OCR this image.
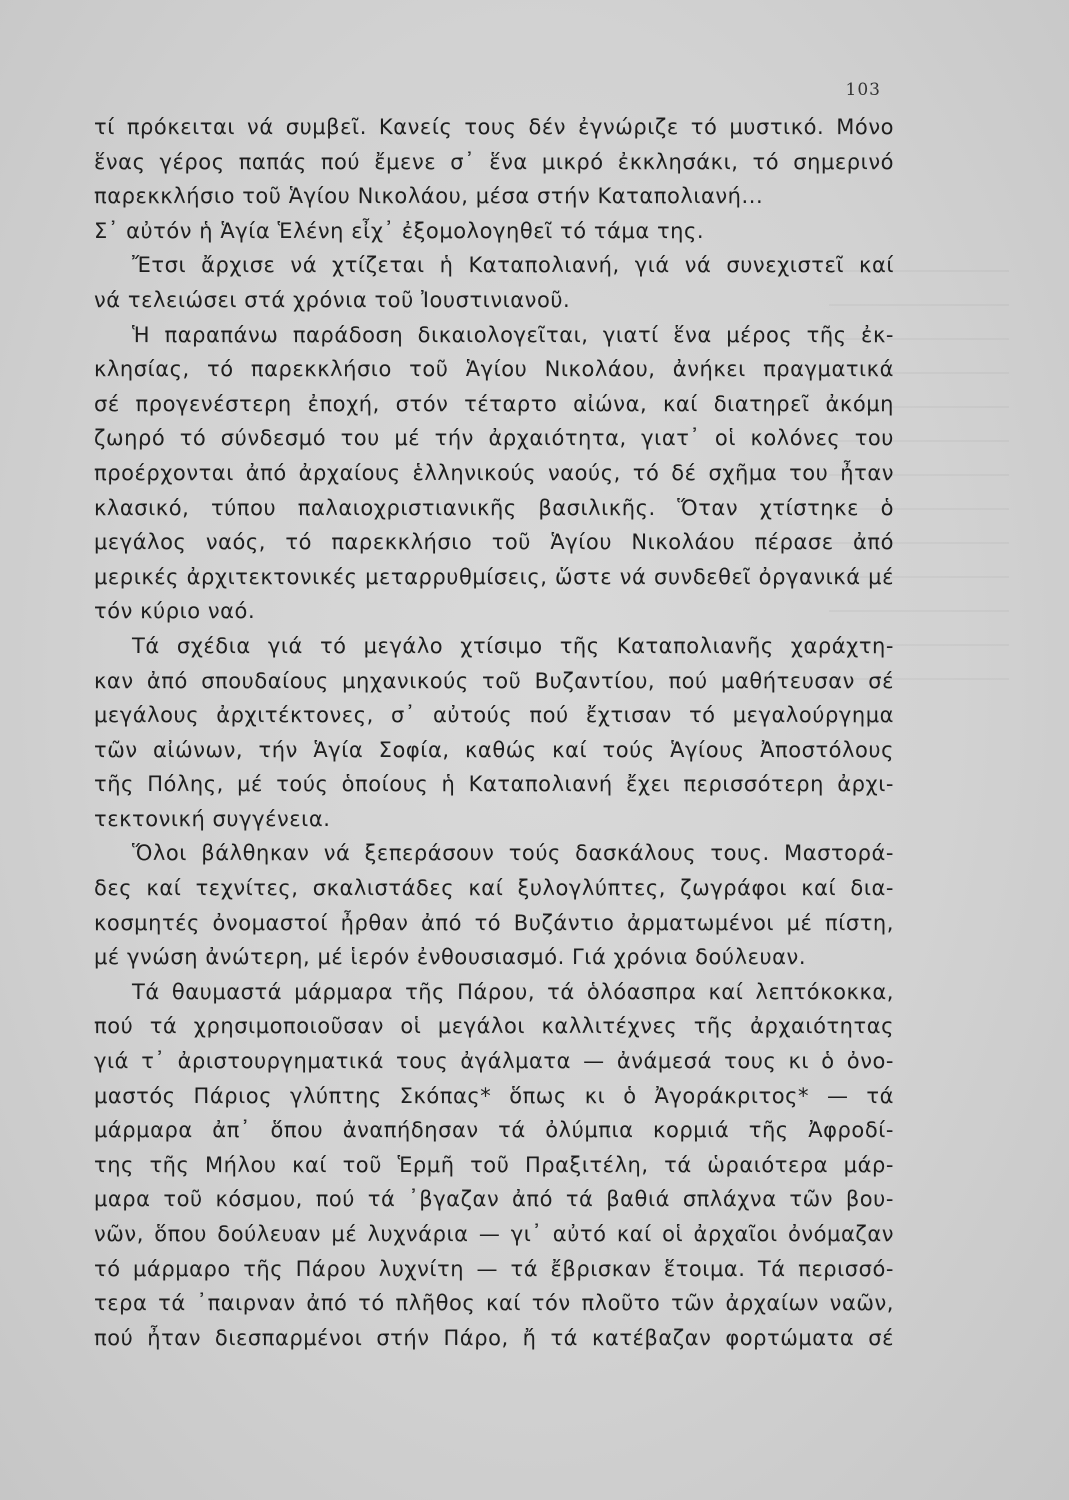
103
τί πρόκειται νά συμβεῖ. Κανείς τους δέν ἐγνώριζε τό μυστικό. Μόνο
ἕνας γέρος παπάς πού ἔμενε σ᾽ ἕνα μικρό ἐκκλησάκι, τό σημερινό
παρεκκλήσιο τοῦ Ἁγίου Νικολάου, μέσα στήν Καταπολιανή...
Σ᾽ αὐτόν ἡ Ἁγία Ἑλένη εἶχ᾽ ἐξομολογηθεῖ τό τάμα της.
Ἔτσι ἄρχισε νά χτίζεται ἡ Καταπολιανή, γιά νά συνεχιστεῖ καί
νά τελειώσει στά χρόνια τοῦ Ἰουστινιανοῦ.
Ἡ παραπάνω παράδοση δικαιολογεῖται, γιατί ἕνα μέρος τῆς ἐκ-
κλησίας, τό παρεκκλήσιο τοῦ Ἁγίου Νικολάου, ἀνήκει πραγματικά
σέ προγενέστερη ἐποχή, στόν τέταρτο αἰώνα, καί διατηρεῖ ἀκόμη
ζωηρό τό σύνδεσμό του μέ τήν ἀρχαιότητα, γιατ᾽ οἱ κολόνες του
προέρχονται ἀπό ἀρχαίους ἑλληνικούς ναούς, τό δέ σχῆμα του ἦταν
κλασικό, τύπου παλαιοχριστιανικῆς βασιλικῆς. Ὅταν χτίστηκε ὁ
μεγάλος ναός, τό παρεκκλήσιο τοῦ Ἁγίου Νικολάου πέρασε ἀπό
μερικές ἀρχιτεκτονικές μεταρρυθμίσεις, ὥστε νά συνδεθεῖ ὀργανικά μέ
τόν κύριο ναό.
Τά σχέδια γιά τό μεγάλο χτίσιμο τῆς Καταπολιανῆς χαράχτη-
καν ἀπό σπουδαίους μηχανικούς τοῦ Βυζαντίου, πού μαθήτευσαν σέ
μεγάλους ἀρχιτέκτονες, σ᾽ αὐτούς πού ἔχτισαν τό μεγαλούργημα
τῶν αἰώνων, τήν Ἁγία Σοφία, καθώς καί τούς Ἁγίους Ἀποστόλους
τῆς Πόλης, μέ τούς ὁποίους ἡ Καταπολιανή ἔχει περισσότερη ἀρχι-
τεκτονική συγγένεια.
Ὅλοι βάλθηκαν νά ξεπεράσουν τούς δασκάλους τους. Μαστορά-
δες καί τεχνίτες, σκαλιστάδες καί ξυλογλύπτες, ζωγράφοι καί δια-
κοσμητές ὀνομαστοί ἦρθαν ἀπό τό Βυζάντιο ἀρματωμένοι μέ πίστη,
μέ γνώση ἀνώτερη, μέ ἱερόν ἐνθουσιασμό. Γιά χρόνια δούλευαν.
Τά θαυμαστά μάρμαρα τῆς Πάρου, τά ὁλόασπρα καί λεπτόκοκκα,
πού τά χρησιμοποιοῦσαν οἱ μεγάλοι καλλιτέχνες τῆς ἀρχαιότητας
γιά τ᾽ ἀριστουργηματικά τους ἀγάλματα — ἀνάμεσά τους κι ὁ ὀνο-
μαστός Πάριος γλύπτης Σκόπας* ὅπως κι ὁ Ἀγοράκριτος* — τά
μάρμαρα ἀπ᾽ ὅπου ἀναπήδησαν τά ὀλύμπια κορμιά τῆς Ἀφροδί-
της τῆς Μήλου καί τοῦ Ἑρμῆ τοῦ Πραξιτέλη, τά ὡραιότερα μάρ-
μαρα τοῦ κόσμου, πού τά ᾽βγαζαν ἀπό τά βαθιά σπλάχνα τῶν βου-
νῶν, ὅπου δούλευαν μέ λυχνάρια — γι᾽ αὐτό καί οἱ ἀρχαῖοι ὀνόμαζαν
τό μάρμαρο τῆς Πάρου λυχνίτη — τά ἔβρισκαν ἕτοιμα. Τά περισσό-
τερα τά ᾽παιρναν ἀπό τό πλῆθος καί τόν πλοῦτο τῶν ἀρχαίων ναῶν,
πού ἦταν διεσπαρμένοι στήν Πάρο, ἤ τά κατέβαζαν φορτώματα σέ
